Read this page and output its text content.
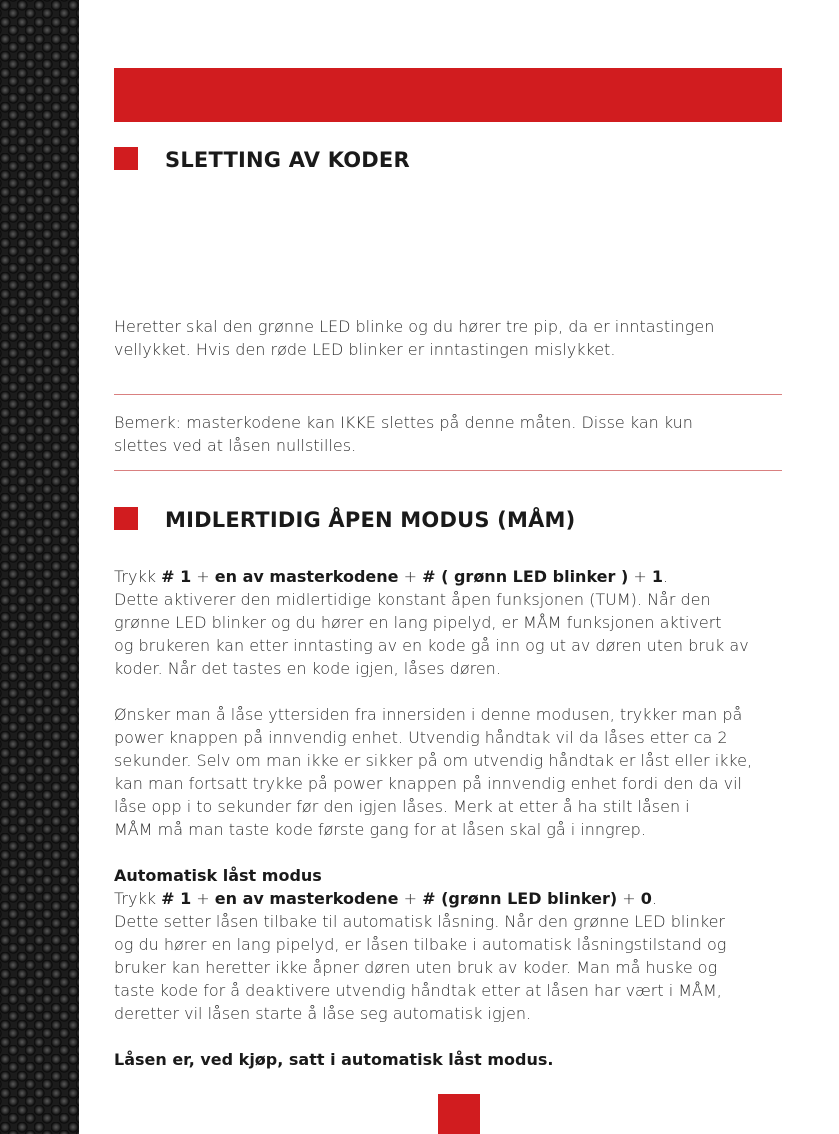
SLETTING AV KODER

Heretter skal den grønne LED blinke og du hører tre pip, da er inntastingen
vellykket. Hvis den røde LED blinker er inntastingen mislykket.

Bemerk: masterkodene kan IKKE slettes på denne måten. Disse kan kun
slettes ved at låsen nullstilles.

MIDLERTIDIG ÅPEN MODUS (MÅM)
Trykk # 1 + en av masterkodene + # ( grønn LED blinker ) + 1.
Dette aktiverer den midlertidige konstant åpen funksjonen (TUM). Når den
grønne LED blinker og du hører en lang pipelyd, er MÅM funksjonen aktivert
og brukeren kan etter inntasting av en kode gå inn og ut av døren uten bruk av
koder. Når det tastes en kode igjen, låses døren.
Ønsker man å låse yttersiden fra innersiden i denne modusen, trykker man på
power knappen på innvendig enhet. Utvendig håndtak vil da låses etter ca 2
sekunder. Selv om man ikke er sikker på om utvendig håndtak er låst eller ikke,
kan man fortsatt trykke på power knappen på innvendig enhet fordi den da vil
låse opp i to sekunder før den igjen låses. Merk at etter å ha stilt låsen i
MÅM må man taste kode første gang for at låsen skal gå i inngrep.
Automatisk låst modus
Trykk # 1 + en av masterkodene + # (grønn LED blinker) + 0.
Dette setter låsen tilbake til automatisk låsning. Når den grønne LED blinker
og du hører en lang pipelyd, er låsen tilbake i automatisk låsningstilstand og
bruker kan heretter ikke åpner døren uten bruk av koder. Man må huske og
taste kode for å deaktivere utvendig håndtak etter at låsen har vært i MÅM,
deretter vil låsen starte å låse seg automatisk igjen.
Låsen er, ved kjøp, satt i automatisk låst modus.
